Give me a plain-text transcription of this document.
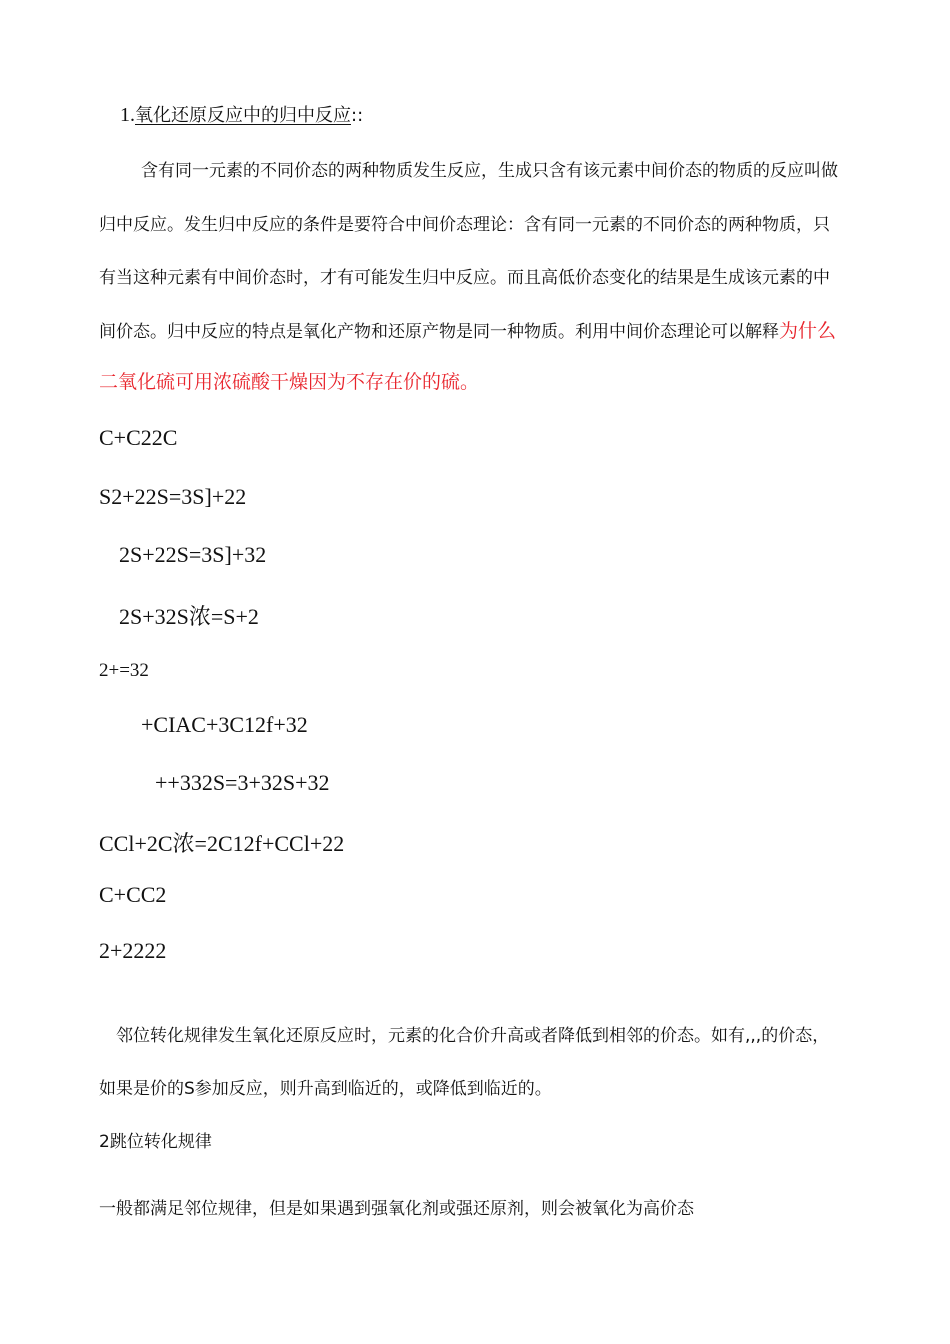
1.氧化还原反应中的归中反应::
含有同一元素的不同价态的两种物质发生反应，生成只含有该元素中间价态的物质的反应叫做
归中反应。发生归中反应的条件是要符合中间价态理论：含有同一元素的不同价态的两种物质，只
有当这种元素有中间价态时，才有可能发生归中反应。而且高低价态变化的结果是生成该元素的中
间价态。归中反应的特点是氧化产物和还原产物是同一种物质。利用中间价态理论可以解释为什么
二氧化硫可用浓硫酸干燥因为不存在价的硫。
C+C22C
S2+22S=3S]+22
2S+22S=3S]+32
2S+32S浓=S+2
2+=32
+CIAC+3C12f+32
++332S=3+32S+32
CCl+2C浓=2C12f+CCl+22
C+CC2
2+2222
邻位转化规律发生氧化还原反应时，元素的化合价升高或者降低到相邻的价态。如有,,,的价态，
如果是价的S参加反应，则升高到临近的，或降低到临近的。
2跳位转化规律
一般都满足邻位规律，但是如果遇到强氧化剂或强还原剂，则会被氧化为高价态
